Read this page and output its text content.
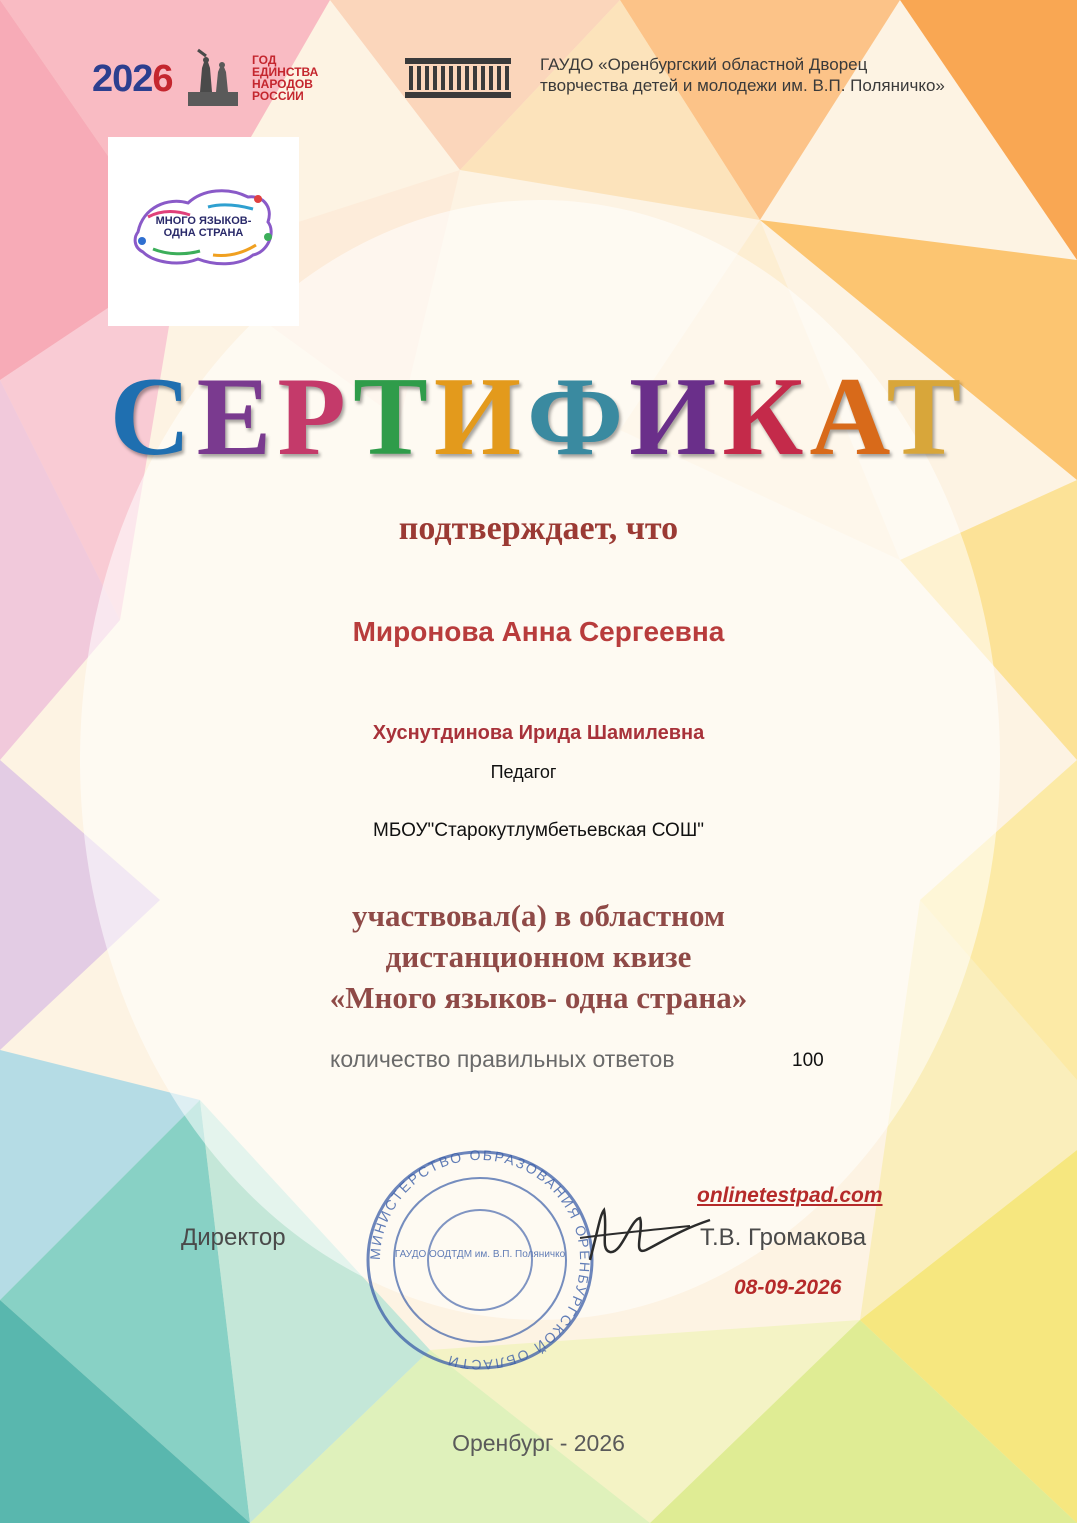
2026	ГОД
ЕДИНСТВА
НАРОДОВ
РОССИИ
ГАУДО «Оренбургский областной Дворец
творчества детей и молодежи им. В.П. Поляничко»
МНОГО ЯЗЫКОВ-
ОДНА СТРАНА
СЕРТИФИКАТ
подтверждает, что
Миронова Анна Сергеевна
Хуснутдинова Ирида Шамилевна
Педагог
МБОУ"Старокутлумбетьевская СОШ"
участвовал(а) в областном
дистанционном квизе
«Много языков- одна страна»
количество правильных ответов	100
МИНИСТЕРСТВО ОБРАЗОВАНИЯ ОРЕНБУРГСКОЙ ОБЛАСТИ
ГАУДО ООДТДМ им. В.П. Поляничко
onlinetestpad.com
Директор	Т.В. Громакова
08-09-2026
Оренбург - 2026
